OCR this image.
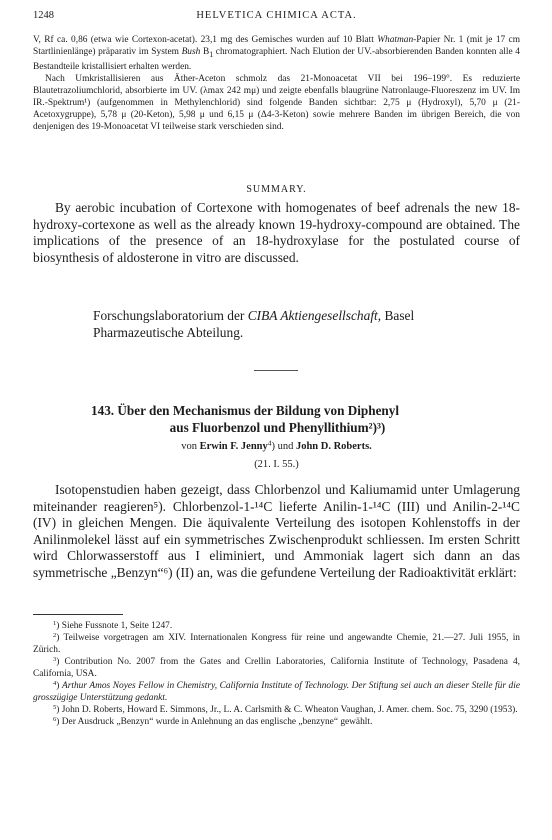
1248	HELVETICA CHIMICA ACTA.

V, Rf ca. 0,86 (etwa wie Cortexon-acetat). 23,1 mg des Gemisches wurden auf 10 Blatt Whatman-Papier Nr. 1 (mit je 17 cm Startlinienlänge) präparativ im System Bush $B_1$ chromatographiert. Nach Elution der UV.-absorbierenden Banden konnten alle 4 Bestandteile kristallisiert erhalten werden.

Nach Umkristallisieren aus Äther-Aceton schmolz das 21-Monoacetat VII bei 196–199°. Es reduzierte Blautetrazoliumchlorid, absorbierte im UV. (λmax 242 mμ) und zeigte ebenfalls blaugrüne Natronlauge-Fluoreszenz im UV. Im IR.-Spektrum¹) (aufgenommen in Methylenchlorid) sind folgende Banden sichtbar: 2,75 μ (Hydroxyl), 5,70 μ (21-Acetoxygruppe), 5,78 μ (20-Keton), 5,98 μ und 6,15 μ (Δ4-3-Keton) sowie mehrere Banden im übrigen Bereich, die von denjenigen des 19-Monoacetat VI teilweise stark verschieden sind.

SUMMARY.

By aerobic incubation of Cortexone with homogenates of beef adrenals the new 18-hydroxy-cortexone as well as the already known 19-hydroxy-compound are obtained. The implications of the presence of an 18-hydroxylase for the postulated course of biosynthesis of aldosterone in vitro are discussed.

Forschungslaboratorium der CIBA Aktiengesellschaft, Basel
Pharmazeutische Abteilung.
143. Über den Mechanismus der Bildung von Diphenyl
aus Fluorbenzol und Phenyllithium²)³)
von Erwin F. Jenny$^4$) und John D. Roberts.
(21. I. 55.)

Isotopenstudien haben gezeigt, dass Chlorbenzol und Kaliumamid unter Umlagerung miteinander reagieren⁵). Chlorbenzol-1-¹⁴C lieferte Anilin-1-¹⁴C (III) und Anilin-2-¹⁴C (IV) in gleichen Mengen. Die äquivalente Verteilung des isotopen Kohlenstoffs in der Anilinmolekel lässt auf ein symmetrisches Zwischenprodukt schliessen. Im ersten Schritt wird Chlorwasserstoff aus I eliminiert, und Ammoniak lagert sich dann an das symmetrische „Benzyn“⁶) (II) an, was die gefundene Verteilung der Radioaktivität erklärt:

$^1$) Siehe Fussnote 1, Seite 1247.

$^2$) Teilweise vorgetragen am XIV. Internationalen Kongress für reine und angewandte Chemie, 21.—27. Juli 1955, in Zürich.

$^3$) Contribution No. 2007 from the Gates and Crellin Laboratories, California Institute of Technology, Pasadena 4, California, USA.

$^4$) Arthur Amos Noyes Fellow in Chemistry, California Institute of Technology. Der Stiftung sei auch an dieser Stelle für die grosszügige Unterstützung gedankt.

$^5$) John D. Roberts, Howard E. Simmons, Jr., L. A. Carlsmith & C. Wheaton Vaughan, J. Amer. chem. Soc. 75, 3290 (1953).

$^6$) Der Ausdruck „Benzyn“ wurde in Anlehnung an das englische „benzyne“ gewählt.
